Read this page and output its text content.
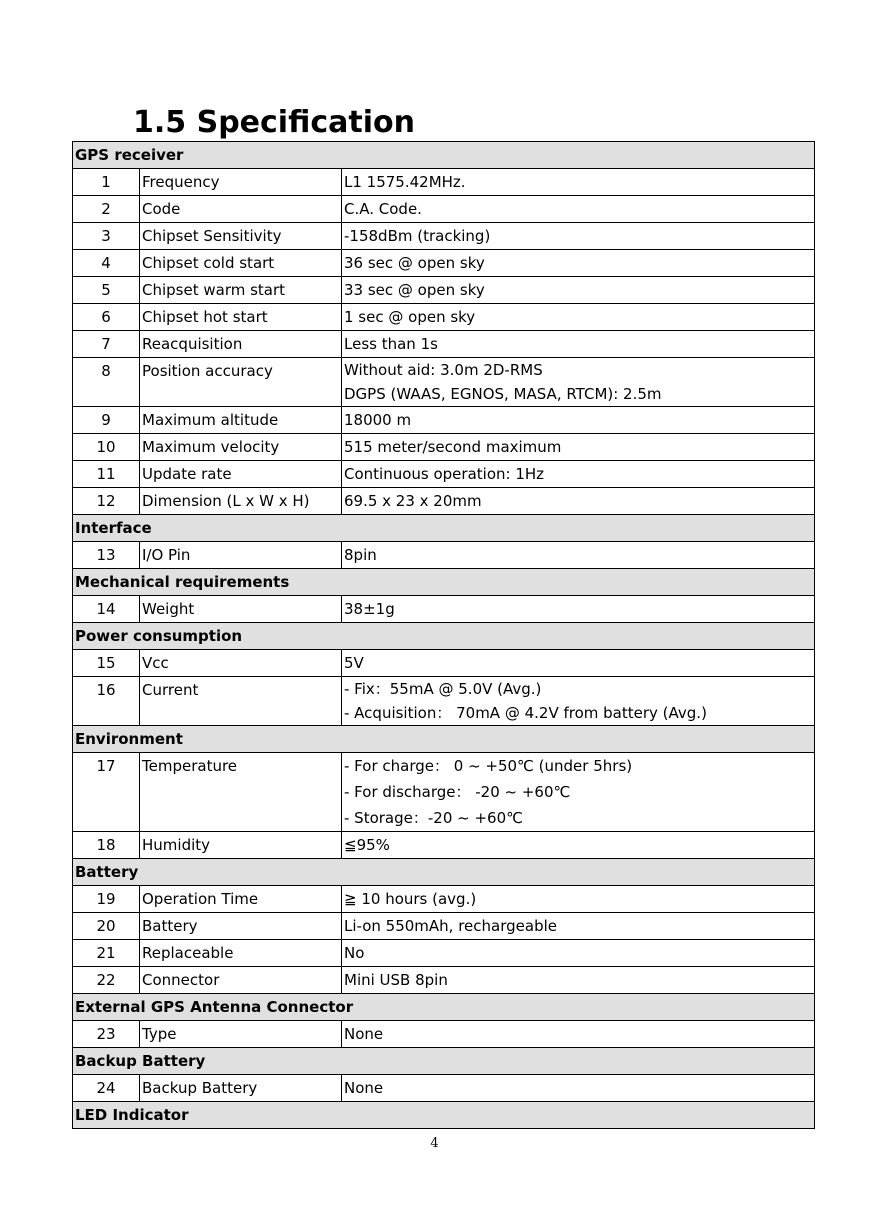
1.5 Specification
GPS receiver		
1	Frequency	L1 1575.42MHz.

2	Code	C.A. Code.

3	Chipset Sensitivity	-158dBm (tracking)

4	Chipset cold start	36 sec @ open sky

5	Chipset warm start	33 sec @ open sky

6	Chipset hot start	1 sec @ open sky

7	Reacquisition	Less than 1s

8	Position accuracy	Without aid: 3.0m 2D-RMS
DGPS (WAAS, EGNOS, MASA, RTCM): 2.5m

9	Maximum altitude	18000 m

10	Maximum velocity	515 meter/second maximum

11	Update rate	Continuous operation: 1Hz

12	Dimension (L x W x H)	69.5 x 23 x 20mm

Interface		
13	I/O Pin	8pin

Mechanical requirements		
14	Weight	38±1g

Power consumption		
15	Vcc	5V

16	Current	- Fix：55mA @ 5.0V (Avg.)
- Acquisition： 70mA @ 4.2V from battery (Avg.)

Environment		
17	Temperature	- For charge： 0 ~ +50℃ (under 5hrs)
- For discharge： -20 ~ +60℃
- Storage：-20 ~ +60℃

18	Humidity	≦95%

Battery		
19	Operation Time	≧ 10 hours (avg.)

20	Battery	Li-on 550mAh, rechargeable

21	Replaceable	No

22	Connector	Mini USB 8pin

External GPS Antenna Connector		
23	Type	None

Backup Battery		
24	Backup Battery	None

LED Indicator		
4
